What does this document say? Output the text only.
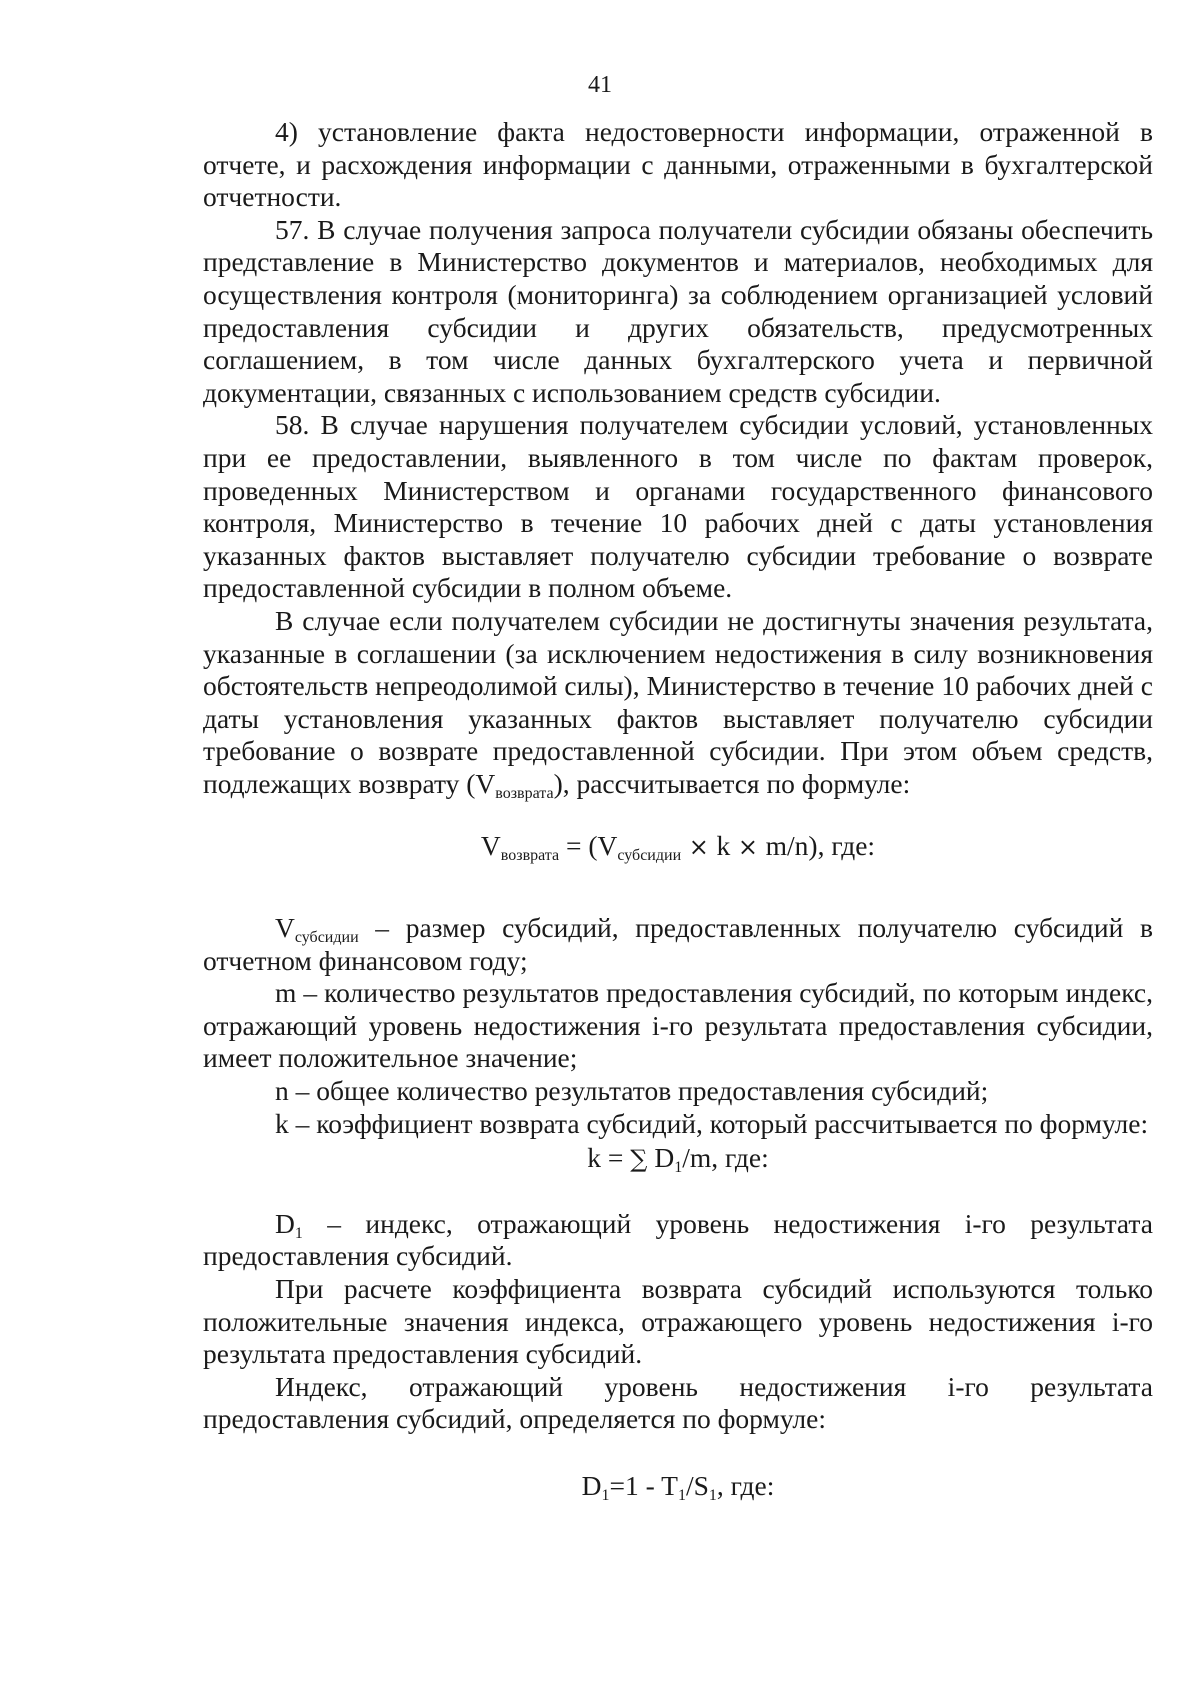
41

4) установление факта недостоверности информации, отраженной в отчете, и расхождения информации с данными, отраженными в бухгалтерской отчетности.

57. В случае получения запроса получатели субсидии обязаны обеспечить представление в Министерство документов и материалов, необходимых для осуществления контроля (мониторинга) за соблюдением организацией условий предоставления субсидии и других обязательств, предусмотренных соглашением, в том числе данных бухгалтерского учета и первичной документации, связанных с использованием средств субсидии.

58. В случае нарушения получателем субсидии условий, установленных при ее предоставлении, выявленного в том числе по фактам проверок, проведенных Министерством и органами государственного финансового контроля, Министерство в течение 10 рабочих дней с даты установления указанных фактов выставляет получателю субсидии требование о возврате предоставленной субсидии в полном объеме.

В случае если получателем субсидии не достигнуты значения результата, указанные в соглашении (за исключением недостижения в силу возникновения обстоятельств непреодолимой силы), Министерство в течение 10 рабочих дней с даты установления указанных фактов выставляет получателю субсидии требование о возврате предоставленной субсидии. При этом объем средств, подлежащих возврату $(V_{возврата})$, рассчитывается по формуле:

$V_{возврата} = (V_{субсидии} \times k \times m/n)$, где:

$V_{субсидии}$ – размер субсидий, предоставленных получателю субсидий в отчетном финансовом году;

m – количество результатов предоставления субсидий, по которым индекс, отражающий уровень недостижения i-го результата предоставления субсидии, имеет положительное значение;

n – общее количество результатов предоставления субсидий;

k – коэффициент возврата субсидий, который рассчитывается по формуле:

k = ∑ $D_1/m$, где:

$D_1$ – индекс, отражающий уровень недостижения i-го результата предоставления субсидий.

При расчете коэффициента возврата субсидий используются только положительные значения индекса, отражающего уровень недостижения i-го результата предоставления субсидий.

Индекс, отражающий уровень недостижения i-го результата предоставления субсидий, определяется по формуле:

$D_1=1 - T_1/S_1$, где:
